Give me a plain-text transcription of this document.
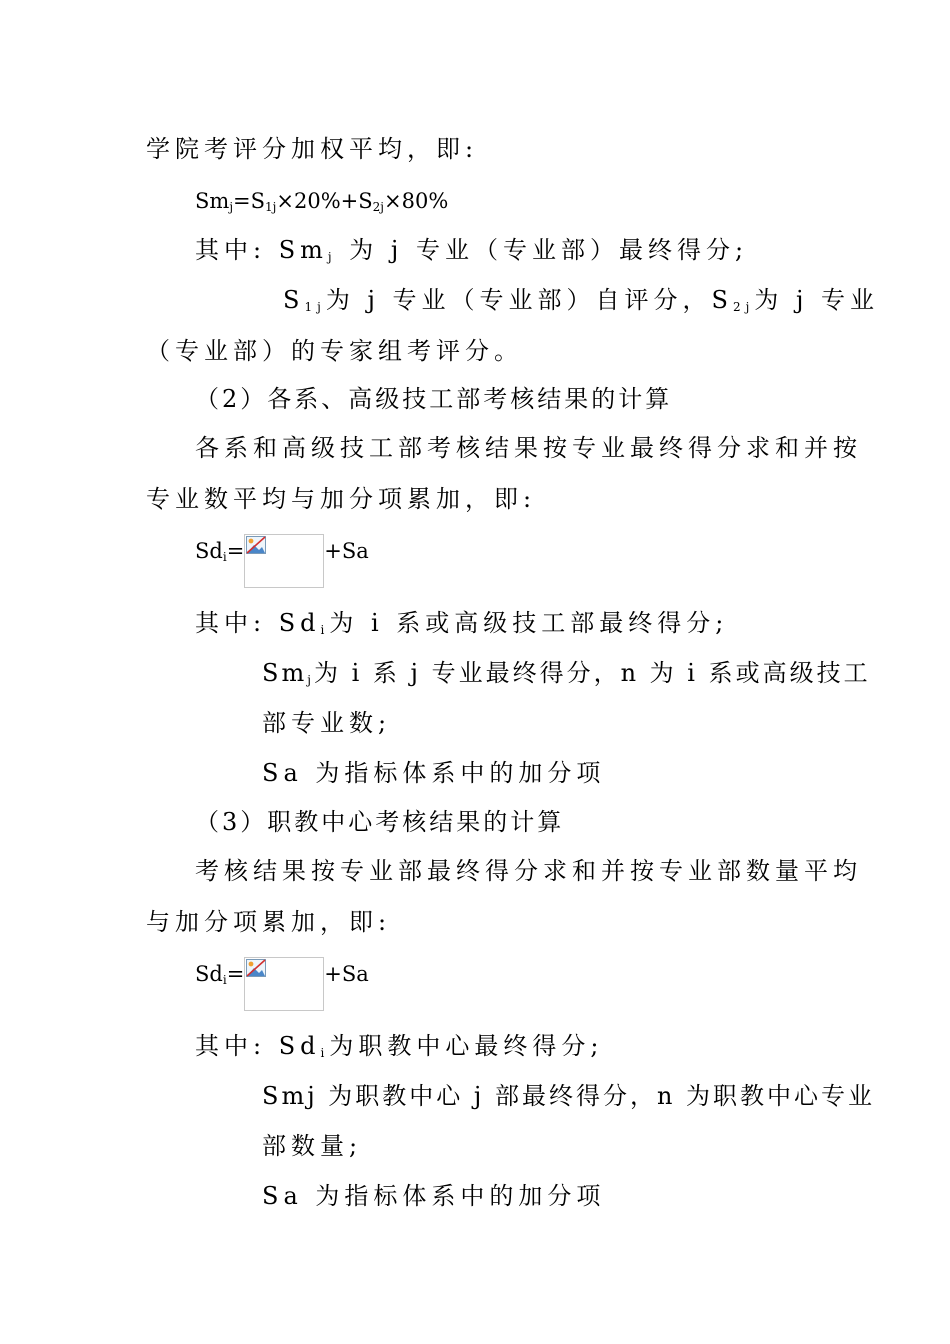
学院考评分加权平均，即:
$Sm_j=S_{1j}\times 20\%+S_{2j}\times 80\%$
其中: $Sm_j$ 为 j 专业（专业部）最终得分;
$S_{1j}$为 j 专业（专业部）自评分，$S_{2j}$为 j 专业
（专业部）的专家组考评分。
（2）各系、高级技工部考核结果的计算
各系和高级技工部考核结果按专业最终得分求和并按
专业数平均与加分项累加，即:
$Sd_i=$	+Sa
其中: $Sd_i$为 i 系或高级技工部最终得分;
$Sm_j$为 i 系 j 专业最终得分，n 为 i 系或高级技工
部专业数;
Sa 为指标体系中的加分项
（3）职教中心考核结果的计算
考核结果按专业部最终得分求和并按专业部数量平均
与加分项累加，即:
$Sd_i=$	+Sa
其中: $Sd_i$为职教中心最终得分;
Smj 为职教中心 j 部最终得分，n 为职教中心专业
部数量;
Sa 为指标体系中的加分项
